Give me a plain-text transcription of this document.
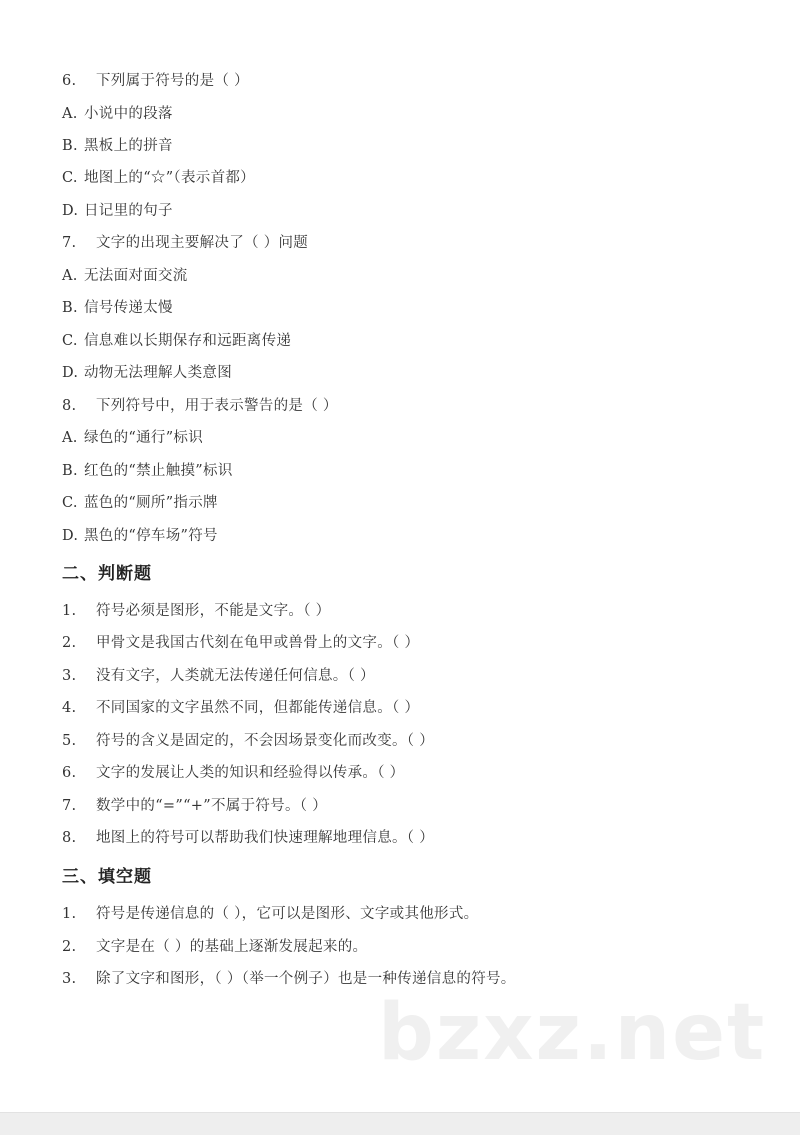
6. 下列属于符号的是（ ）
A. 小说中的段落
B. 黑板上的拼音
C. 地图上的“☆”（表示首都）
D. 日记里的句子
7. 文字的出现主要解决了（ ）问题
A. 无法面对面交流
B. 信号传递太慢
C. 信息难以长期保存和远距离传递
D. 动物无法理解人类意图
8. 下列符号中，用于表示警告的是（ ）
A. 绿色的“通行”标识
B. 红色的“禁止触摸”标识
C. 蓝色的“厕所”指示牌
D. 黑色的“停车场”符号
二、判断题
1. 符号必须是图形，不能是文字。（ ）
2. 甲骨文是我国古代刻在龟甲或兽骨上的文字。（ ）
3. 没有文字，人类就无法传递任何信息。（ ）
4. 不同国家的文字虽然不同，但都能传递信息。（ ）
5. 符号的含义是固定的，不会因场景变化而改变。（ ）
6. 文字的发展让人类的知识和经验得以传承。（ ）
7. 数学中的“=”“+”不属于符号。（ ）
8. 地图上的符号可以帮助我们快速理解地理信息。（ ）
三、填空题
1. 符号是传递信息的（ ），它可以是图形、文字或其他形式。
2. 文字是在（ ）的基础上逐渐发展起来的。
3. 除了文字和图形，（ ）（举一个例子）也是一种传递信息的符号。
bzxz.net
